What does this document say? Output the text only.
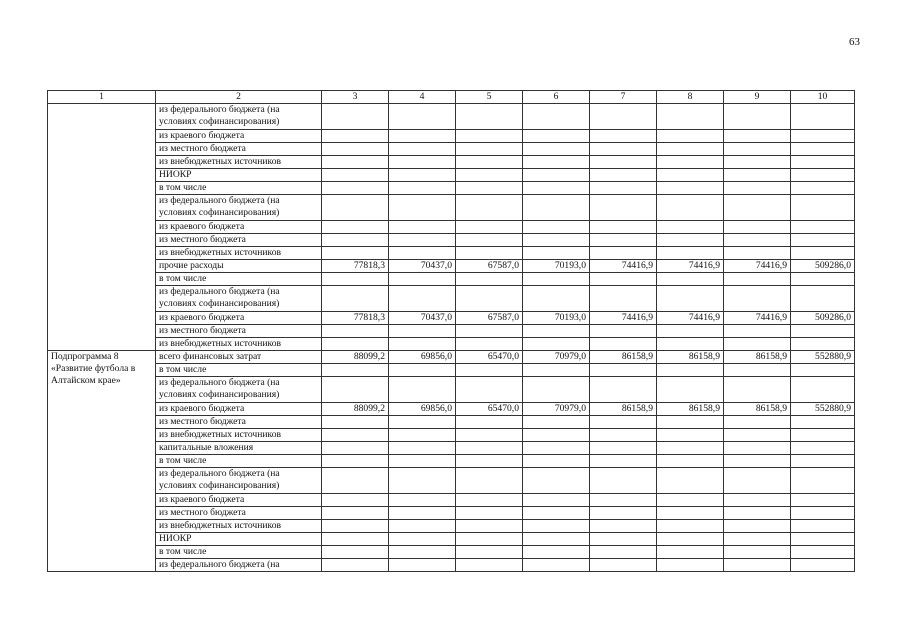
63
1	2	3	4	5	6	7	8	9	10

	из федерального бюджета (на условиях софинансирования)								
	из краевого бюджета								
	из местного бюджета								
	из внебюджетных источников								
	НИОКР								
	в том числе								
	из федерального бюджета (на условиях софинансирования)								
	из краевого бюджета								
	из местного бюджета								
	из внебюджетных источников								
	прочие расходы	77818,3	70437,0	67587,0	70193,0	74416,9	74416,9	74416,9	509286,0
	в том числе								
	из федерального бюджета (на условиях софинансирования)								
	из краевого бюджета	77818,3	70437,0	67587,0	70193,0	74416,9	74416,9	74416,9	509286,0
	из местного бюджета								
	из внебюджетных источников								

Подпрограмма 8
«Развитие футбола в
Алтайском крае»	всего финансовых затрат	88099,2	69856,0	65470,0	70979,0	86158,9	86158,9	86158,9	552880,9
	в том числе								
	из федерального бюджета (на условиях софинансирования)								
	из краевого бюджета	88099,2	69856,0	65470,0	70979,0	86158,9	86158,9	86158,9	552880,9
	из местного бюджета								
	из внебюджетных источников								
	капитальные вложения								
	в том числе								
	из федерального бюджета (на условиях софинансирования)								
	из краевого бюджета								
	из местного бюджета								
	из внебюджетных источников								
	НИОКР								
	в том числе								
	из федерального бюджета (на								
